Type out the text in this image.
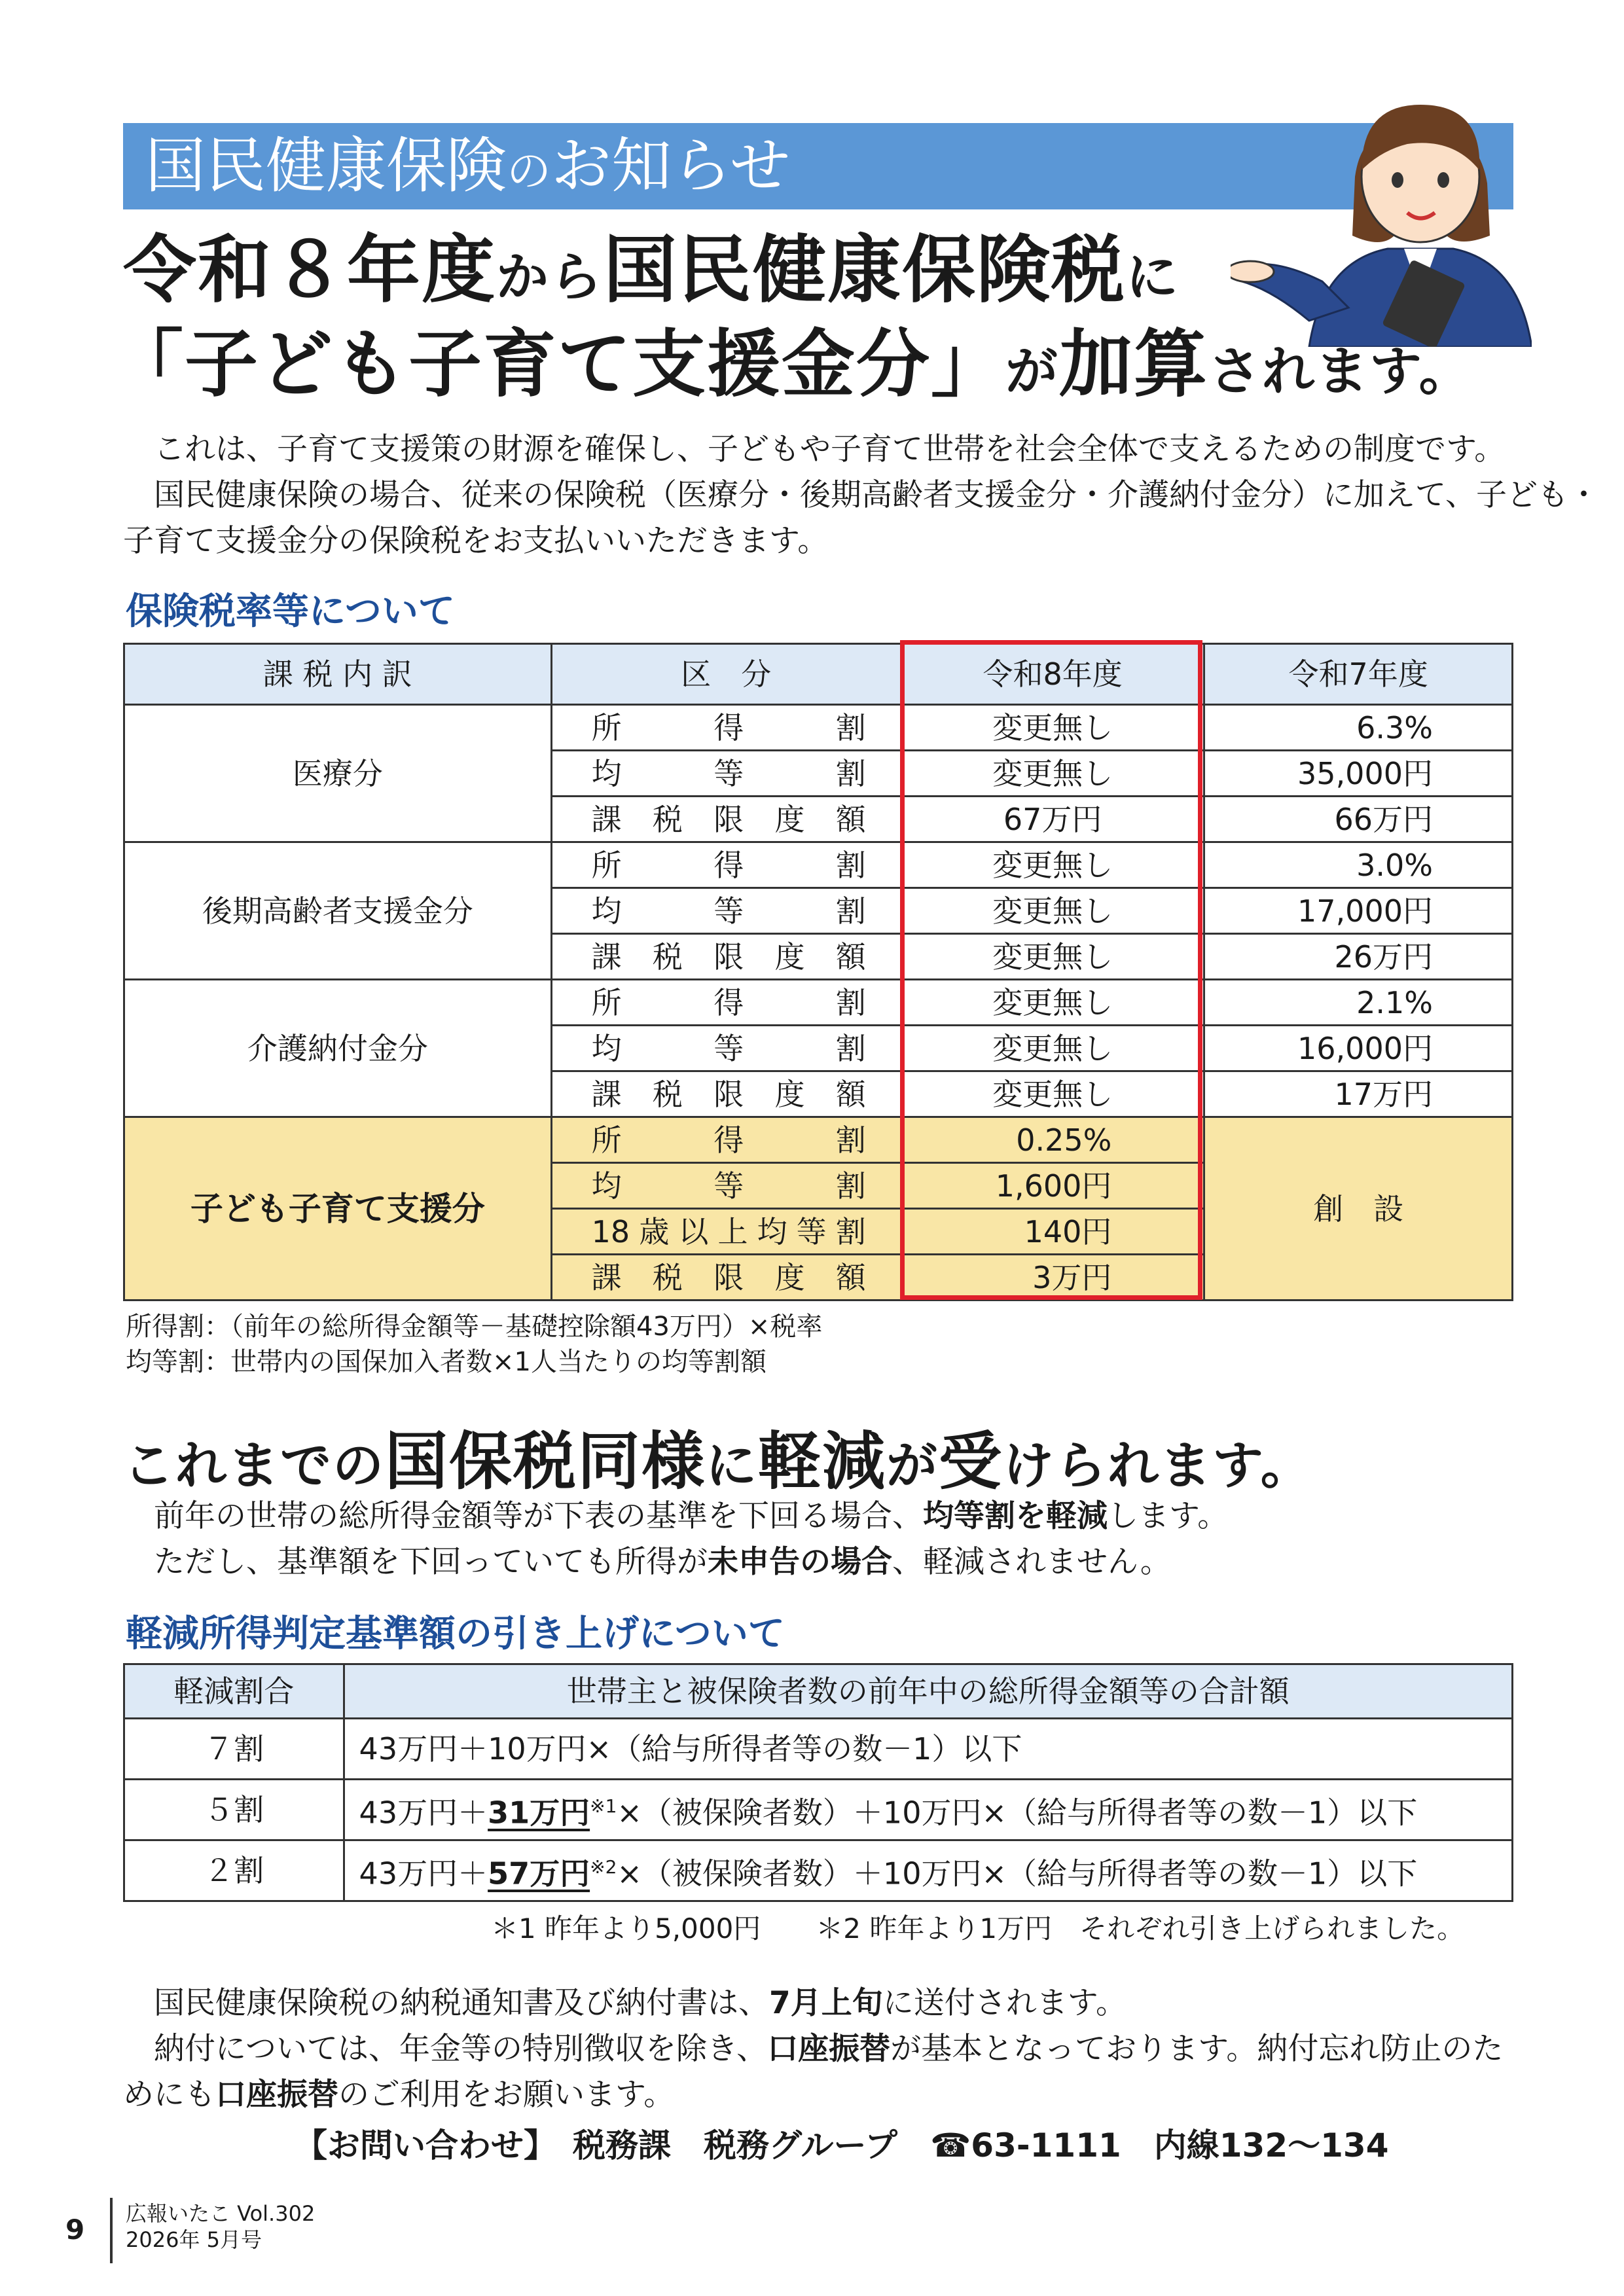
国民健康保険のお知らせ
令和８年度から国民健康保険税に
「子ども子育て支援金分」が加算されます。
　これは、子育て支援策の財源を確保し、子どもや子育て世帯を社会全体で支えるための制度です。
　国民健康保険の場合、従来の保険税（医療分・後期高齢者支援金分・介護納付金分）に加えて、子ども・
子育て支援金分の保険税をお支払いいただきます。
保険税率等について
課 税 内 訳	区　分	令和8年度	令和7年度
医療分	所得割	変更無し	6.3%
	均等割	変更無し	35,000円
	課税限度額	67万円	66万円
後期高齢者支援金分	所得割	変更無し	3.0%
	均等割	変更無し	17,000円
	課税限度額	変更無し	26万円
介護納付金分	所得割	変更無し	2.1%
	均等割	変更無し	16,000円
	課税限度額	変更無し	17万円
子ども子育て支援分	所得割	0.25%	創　設
	均等割	1,600円	
	18歳以上均等割	140円	
	課税限度額	3万円	
所得割：（前年の総所得金額等－基礎控除額43万円）×税率
均等割：世帯内の国保加入者数×1人当たりの均等割額
これまでの国保税同様に軽減が受けられます。
　前年の世帯の総所得金額等が下表の基準を下回る場合、均等割を軽減します。
　ただし、基準額を下回っていても所得が未申告の場合、軽減されません。
軽減所得判定基準額の引き上げについて
軽減割合	世帯主と被保険者数の前年中の総所得金額等の合計額
７割	43万円＋10万円×（給与所得者等の数－1）以下
５割	43万円＋31万円$^{※1}$×（被保険者数）＋10万円×（給与所得者等の数－1）以下
２割	43万円＋57万円$^{※2}$×（被保険者数）＋10万円×（給与所得者等の数－1）以下
＊1 昨年より5,000円　　＊2 昨年より1万円　それぞれ引き上げられました。
　国民健康保険税の納税通知書及び納付書は、7月上旬に送付されます。
　納付については、年金等の特別徴収を除き、口座振替が基本となっております。納付忘れ防止のた
めにも口座振替のご利用をお願います。
【お問い合わせ】　税務課　税務グループ　☎63-1111　内線132～134
9 広報いたこ Vol.302
2026年 5月号
